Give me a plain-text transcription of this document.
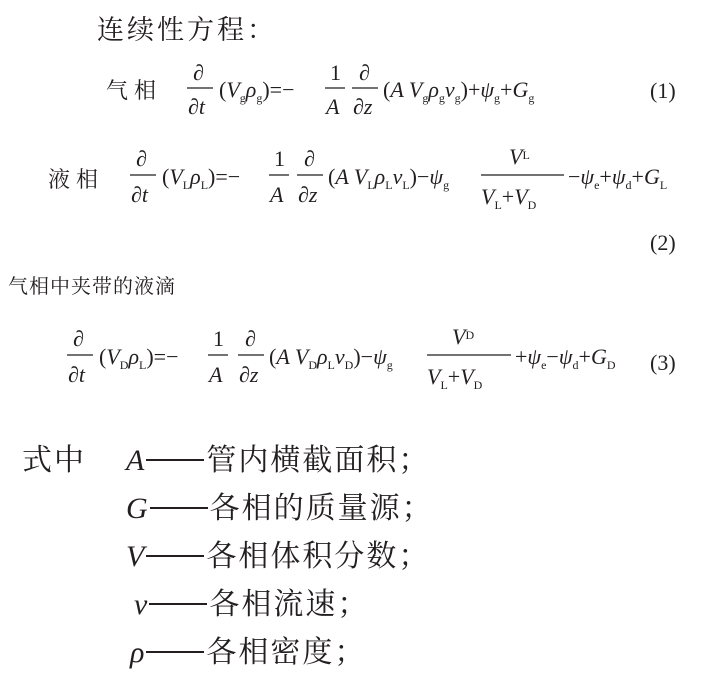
连续性方程：
气相
∂
∂t
$(V_g\rho_g)=-$
1
A
∂
∂z
(A $V_g\rho_gv_g)+\psi_g+G_g$	(1)
液相
∂
∂t
$(V_L\rho_L)=-$
1
A
∂
∂z
(A $V_L\rho_Lv_L)-\psi_g$
$V^L$
$V_L+V_D$
$-\psi_e+\psi_d+G_L$
(2)
气相中夹带的液滴
∂
∂t
$(V_D\rho_L)=-$
1
A
∂
∂z
(A $V_D\rho_Lv_D)-\psi_g$
$V^D$
$V_L+V_D$
$+\psi_e-\psi_d+G_D$ (3)
式中 A 管内横截面积；
G 各相的质量源；
V 各相体积分数；
v 各相流速；
ρ 各相密度；
